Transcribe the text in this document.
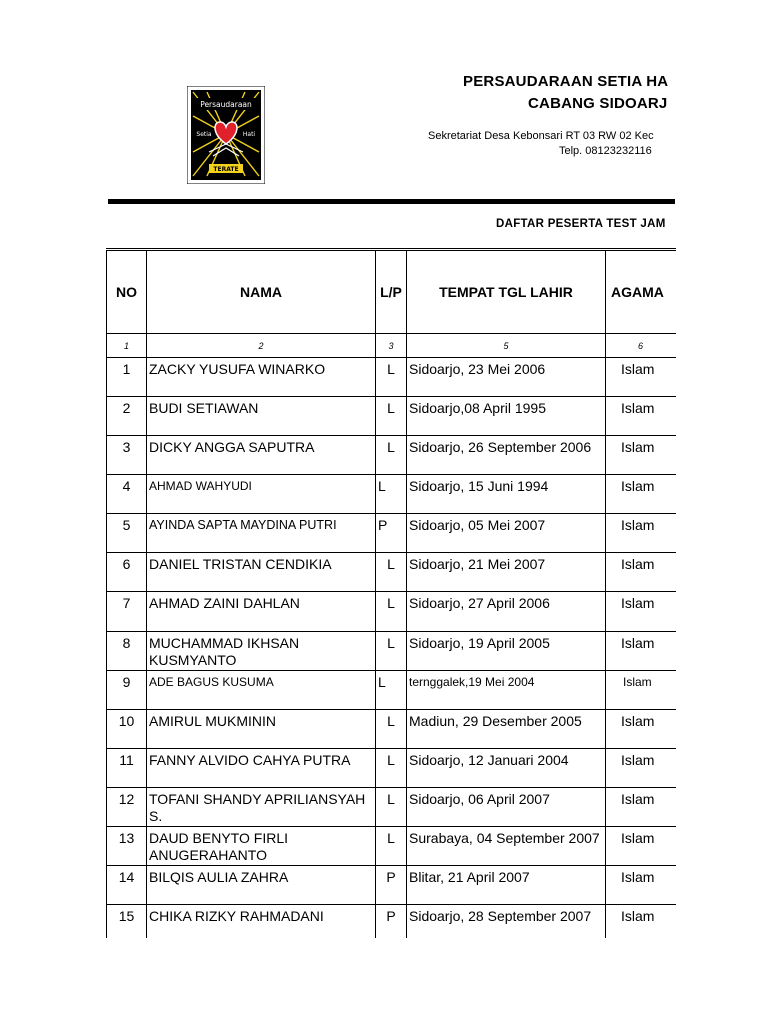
Persaudaraan
Setia	Hati
TERATE
PERSAUDARAAN SETIA HA
CABANG SIDOARJ
Sekretariat Desa Kebonsari RT 03 RW 02 Kec
Telp. 08123232116
DAFTAR PESERTA TEST JAM
NO	NAMA	L/P	TEMPAT TGL LAHIR	AGAMA
1	2	3	5	6
1	ZACKY YUSUFA WINARKO	L	Sidoarjo, 23 Mei 2006	Islam
2	BUDI SETIAWAN	L	Sidoarjo,08 April 1995	Islam
3	DICKY ANGGA SAPUTRA	L	Sidoarjo, 26 September 2006	Islam
4	AHMAD WAHYUDI	L	Sidoarjo, 15 Juni 1994	Islam
5	AYINDA SAPTA MAYDINA PUTRI	P	Sidoarjo, 05 Mei 2007	Islam
6	DANIEL TRISTAN CENDIKIA	L	Sidoarjo, 21 Mei 2007	Islam
7	AHMAD ZAINI DAHLAN	L	Sidoarjo, 27 April 2006	Islam
8	MUCHAMMAD IKHSAN KUSMYANTO	L	Sidoarjo, 19 April 2005	Islam
9	ADE BAGUS KUSUMA	L	ternggalek,19 Mei 2004	Islam
10	AMIRUL MUKMININ	L	Madiun, 29 Desember 2005	Islam
11	FANNY ALVIDO CAHYA PUTRA	L	Sidoarjo, 12 Januari 2004	Islam
12	TOFANI SHANDY APRILIANSYAH S.	L	Sidoarjo, 06 April 2007	Islam
13	DAUD BENYTO FIRLI ANUGERAHANTO	L	Surabaya, 04 September 2007	Islam
14	BILQIS AULIA ZAHRA	P	Blitar, 21 April 2007	Islam
15	CHIKA RIZKY RAHMADANI	P	Sidoarjo, 28 September 2007	Islam
